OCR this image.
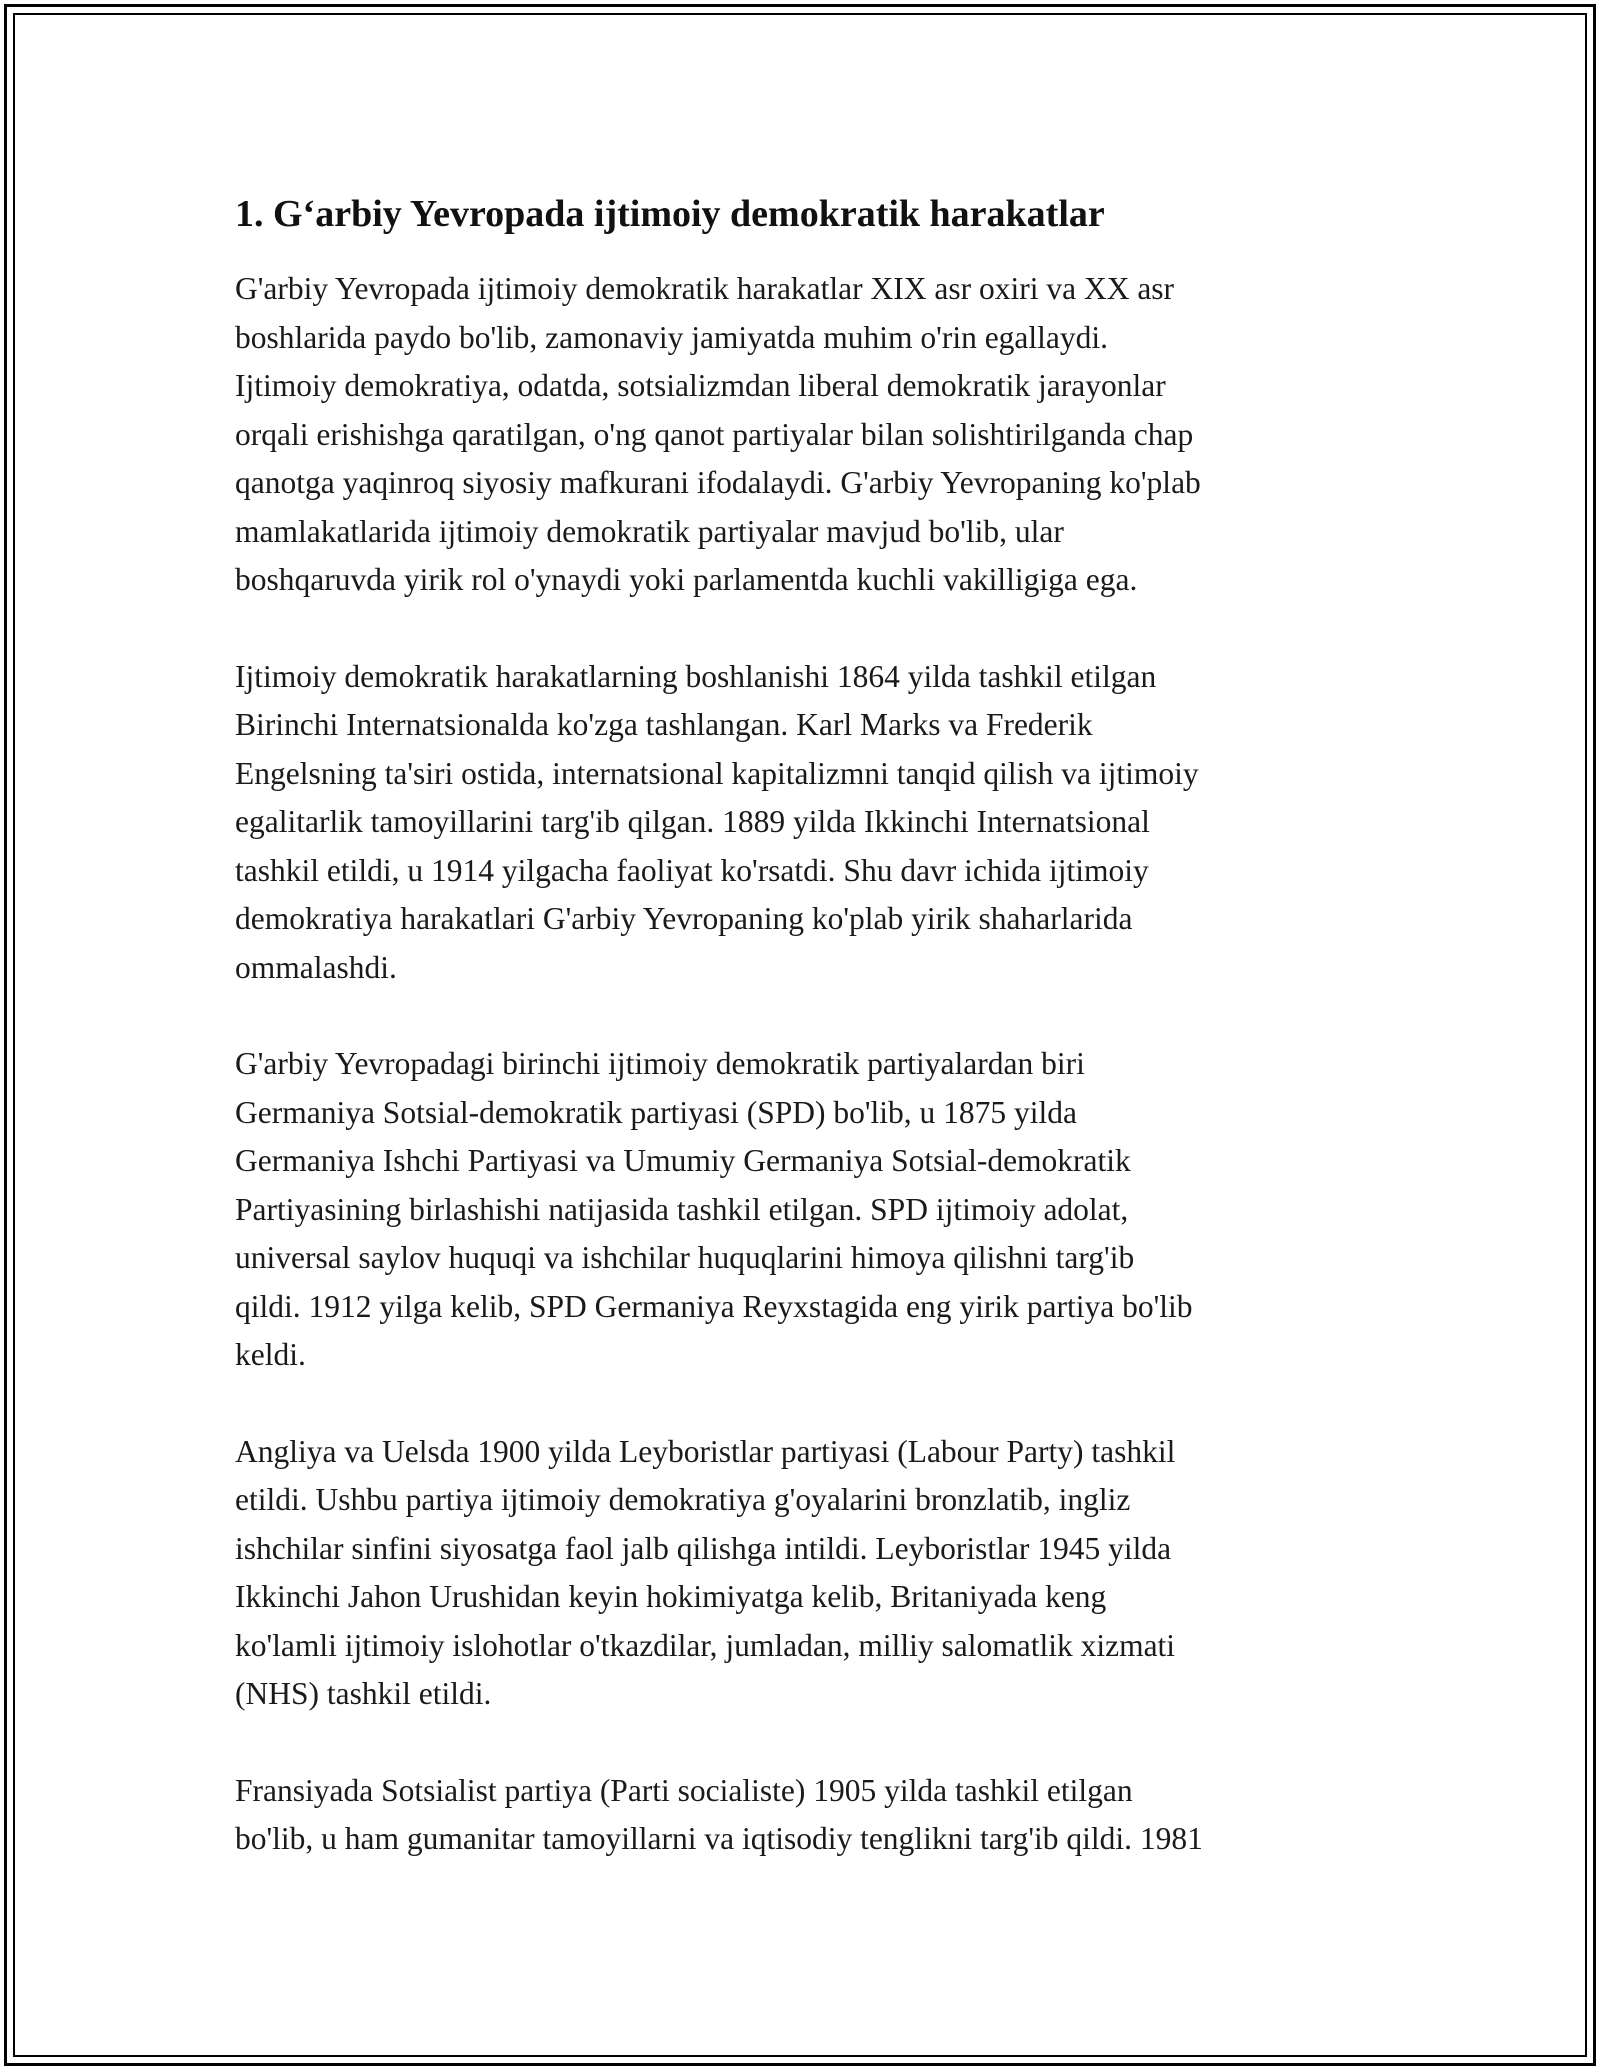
1. G‘arbiy Yevropada ijtimoiy demokratik harakatlar

G'arbiy Yevropada ijtimoiy demokratik harakatlar XIX asr oxiri va XX asr
boshlarida paydo bo'lib, zamonaviy jamiyatda muhim o'rin egallaydi.
Ijtimoiy demokratiya, odatda, sotsializmdan liberal demokratik jarayonlar
orqali erishishga qaratilgan, o'ng qanot partiyalar bilan solishtirilganda chap
qanotga yaqinroq siyosiy mafkurani ifodalaydi. G'arbiy Yevropaning ko'plab
mamlakatlarida ijtimoiy demokratik partiyalar mavjud bo'lib, ular
boshqaruvda yirik rol o'ynaydi yoki parlamentda kuchli vakilligiga ega.

Ijtimoiy demokratik harakatlarning boshlanishi 1864 yilda tashkil etilgan
Birinchi Internatsionalda ko'zga tashlangan. Karl Marks va Frederik
Engelsning ta'siri ostida, internatsional kapitalizmni tanqid qilish va ijtimoiy
egalitarlik tamoyillarini targ'ib qilgan. 1889 yilda Ikkinchi Internatsional
tashkil etildi, u 1914 yilgacha faoliyat ko'rsatdi. Shu davr ichida ijtimoiy
demokratiya harakatlari G'arbiy Yevropaning ko'plab yirik shaharlarida
ommalashdi.

G'arbiy Yevropadagi birinchi ijtimoiy demokratik partiyalardan biri
Germaniya Sotsial-demokratik partiyasi (SPD) bo'lib, u 1875 yilda
Germaniya Ishchi Partiyasi va Umumiy Germaniya Sotsial-demokratik
Partiyasining birlashishi natijasida tashkil etilgan. SPD ijtimoiy adolat,
universal saylov huquqi va ishchilar huquqlarini himoya qilishni targ'ib
qildi. 1912 yilga kelib, SPD Germaniya Reyxstagida eng yirik partiya bo'lib
keldi.

Angliya va Uelsda 1900 yilda Leyboristlar partiyasi (Labour Party) tashkil
etildi. Ushbu partiya ijtimoiy demokratiya g'oyalarini bronzlatib, ingliz
ishchilar sinfini siyosatga faol jalb qilishga intildi. Leyboristlar 1945 yilda
Ikkinchi Jahon Urushidan keyin hokimiyatga kelib, Britaniyada keng
ko'lamli ijtimoiy islohotlar o'tkazdilar, jumladan, milliy salomatlik xizmati
(NHS) tashkil etildi.

Fransiyada Sotsialist partiya (Parti socialiste) 1905 yilda tashkil etilgan
bo'lib, u ham gumanitar tamoyillarni va iqtisodiy tenglikni targ'ib qildi. 1981
